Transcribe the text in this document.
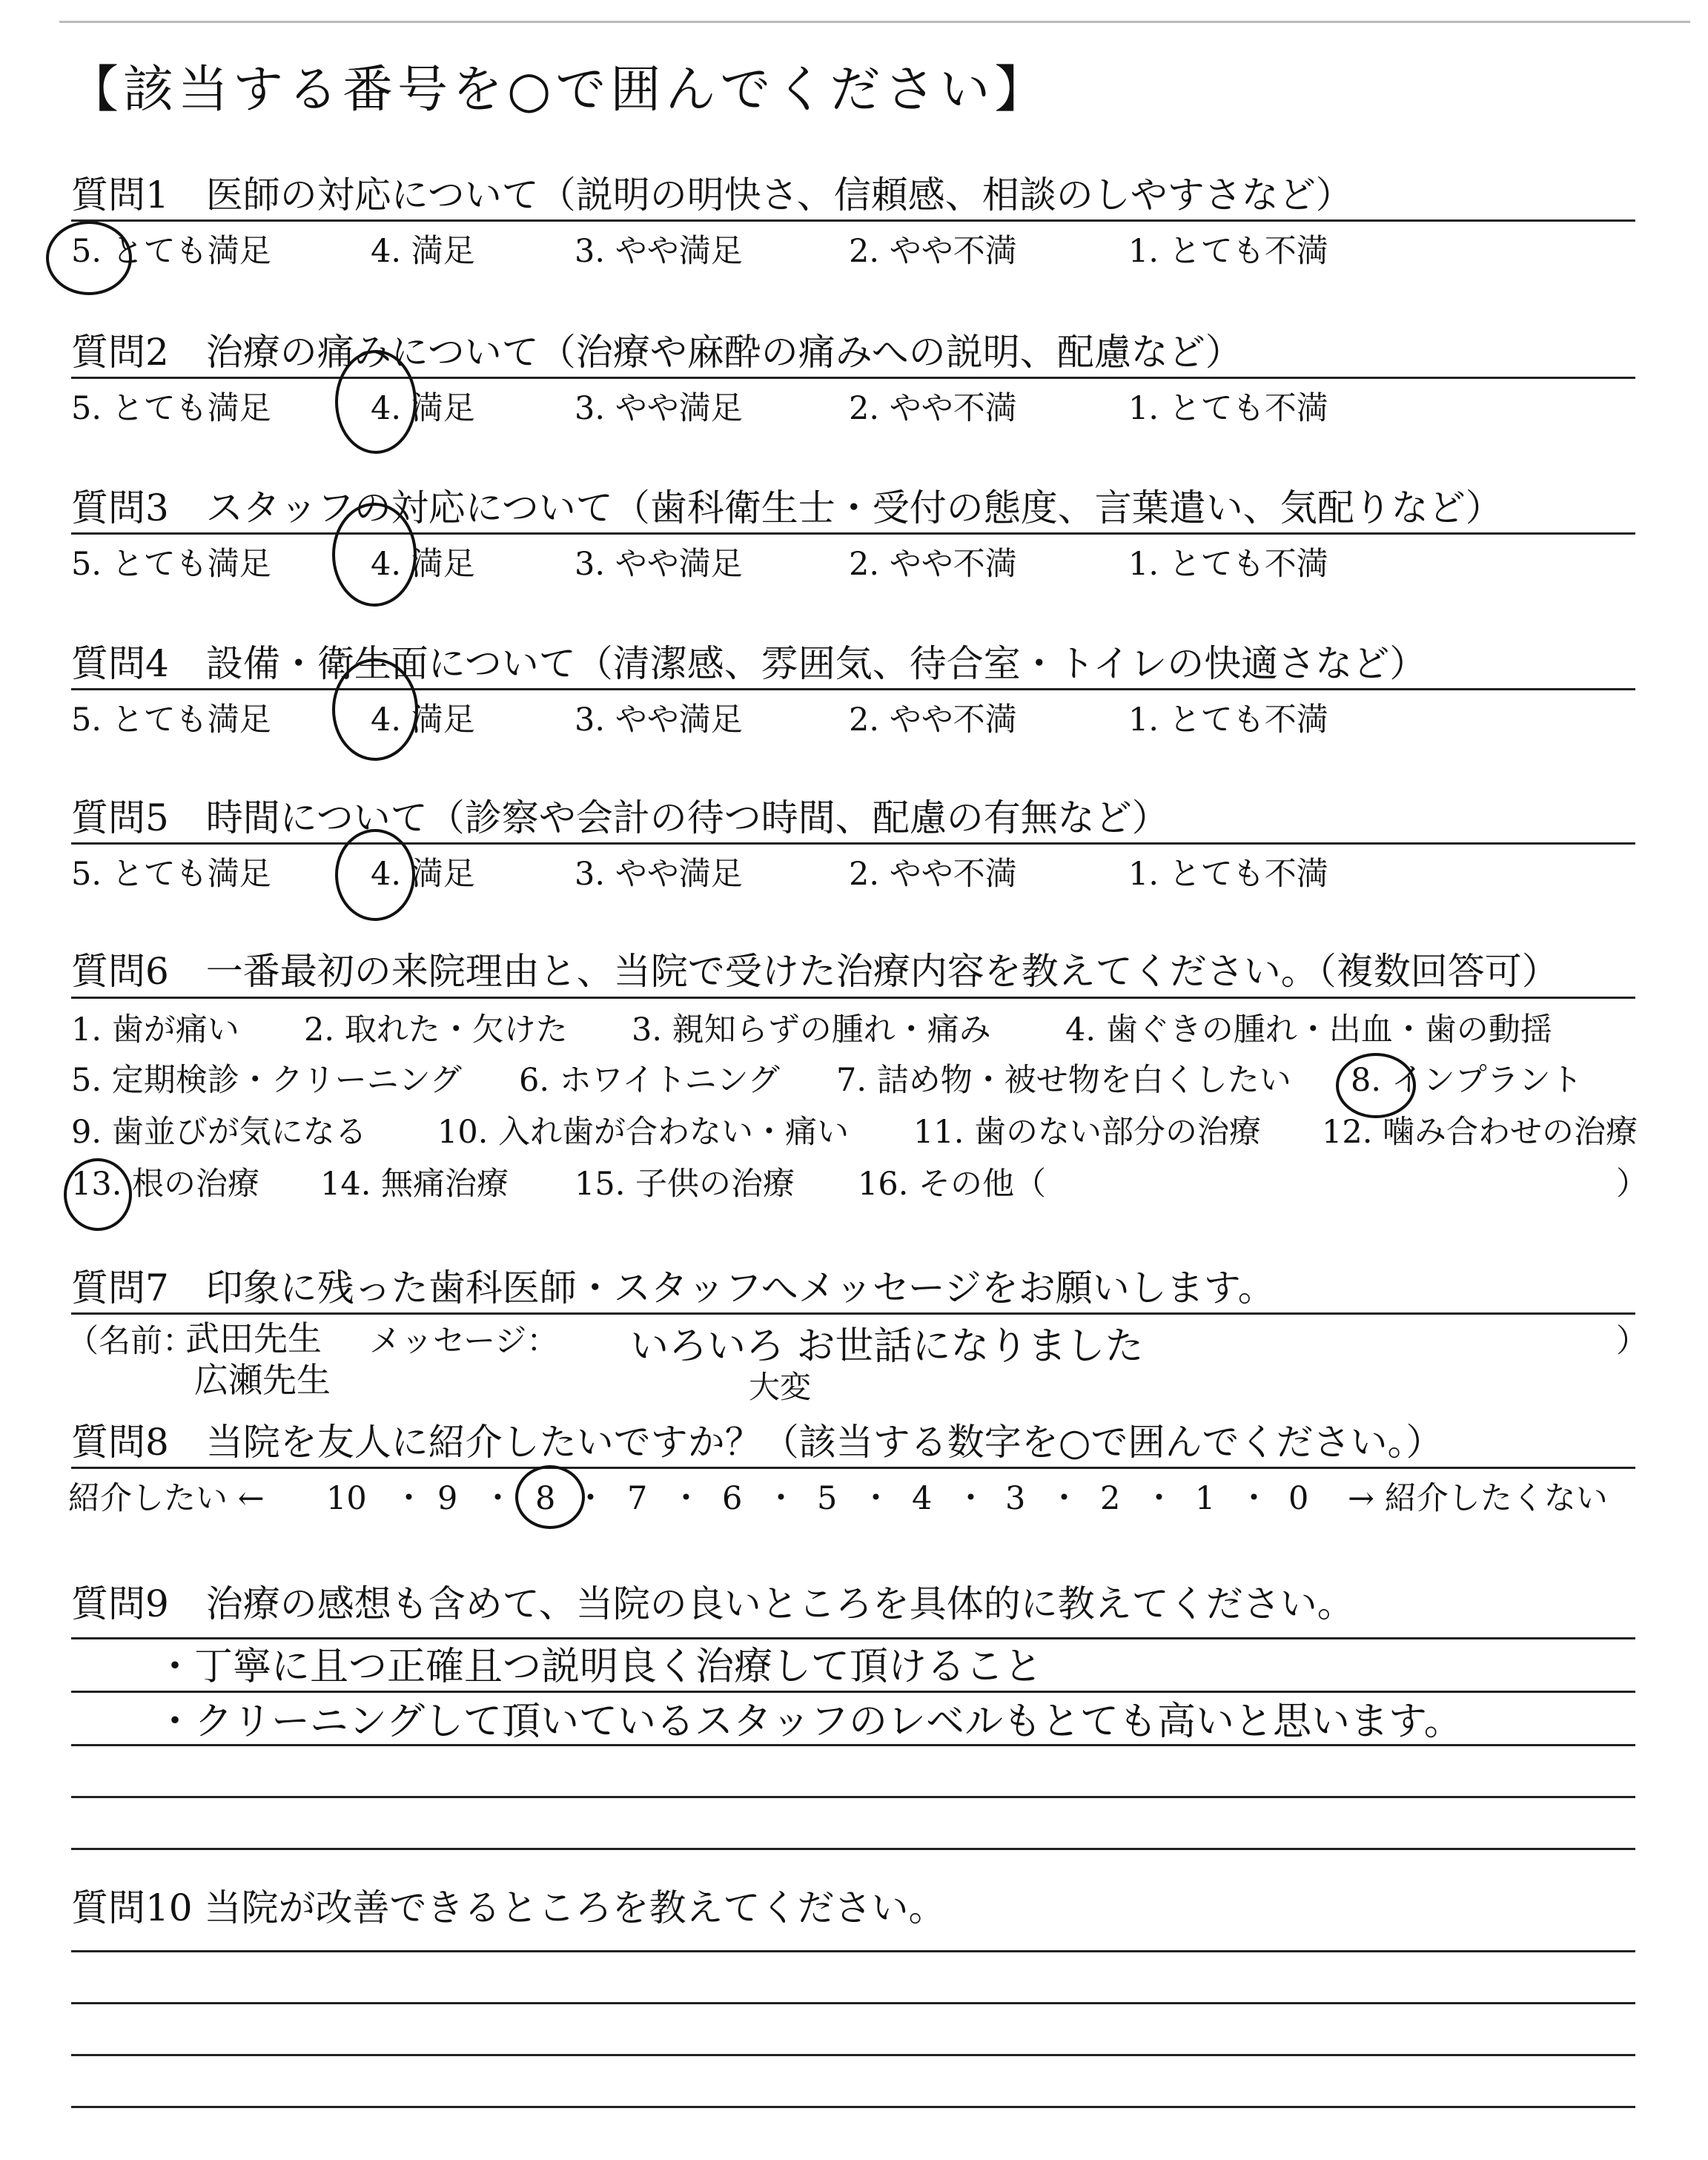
【該当する番号を○で囲んでください】
質問1　医師の対応について（説明の明快さ、信頼感、相談のしやすさなど）
5. とても満足	4. 満足	3. やや満足	2. やや不満	1. とても不満
質問2　治療の痛みについて（治療や麻酔の痛みへの説明、配慮など）
5. とても満足	4. 満足	3. やや満足	2. やや不満	1. とても不満
質問3　スタッフの対応について（歯科衛生士・受付の態度、言葉遣い、気配りなど）
5. とても満足	4. 満足	3. やや満足	2. やや不満	1. とても不満
質問4　設備・衛生面について（清潔感、雰囲気、待合室・トイレの快適さなど）
5. とても満足	4. 満足	3. やや満足	2. やや不満	1. とても不満
質問5　時間について（診察や会計の待つ時間、配慮の有無など）
5. とても満足	4. 満足	3. やや満足	2. やや不満	1. とても不満
質問6　一番最初の来院理由と、当院で受けた治療内容を教えてください。（複数回答可）
1. 歯が痛い 2. 取れた・欠けた 3. 親知らずの腫れ・痛み 4. 歯ぐきの腫れ・出血・歯の動揺
5. 定期検診・クリーニング 6. ホワイトニング 7. 詰め物・被せ物を白くしたい 8. インプラント
9. 歯並びが気になる 10. 入れ歯が合わない・痛い 11. 歯のない部分の治療 12. 噛み合わせの治療
13. 根の治療 14. 無痛治療 15. 子供の治療 16. その他（	）
質問7　印象に残った歯科医師・スタッフへメッセージをお願いします。
（名前：
武田先生
広瀬先生
メッセージ： いろいろ お世話になりました
大変
）
質問8　当院を友人に紹介したいですか？（該当する数字を○で囲んでください。）
紹介したい ← 10 ・ 9 ・ 8 ・ 7 ・ 6 ・ 5 ・ 4 ・ 3 ・ 2 ・ 1 ・ 0 → 紹介したくない
質問9　治療の感想も含めて、当院の良いところを具体的に教えてください。
・丁寧に且つ正確且つ説明良く治療して頂けること
・クリーニングして頂いているスタッフのレベルもとても高いと思います。
質問10 当院が改善できるところを教えてください。
